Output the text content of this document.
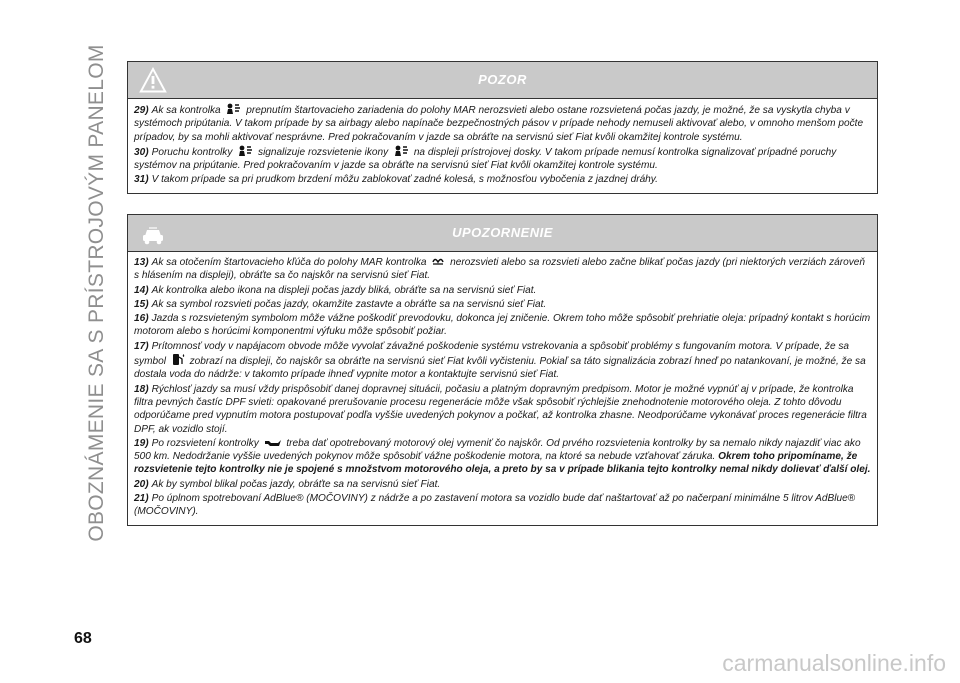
OBOZNÁMENIE SA S PRÍSTROJOVÝM PANELOM	POZOR

29) Ak sa kontrolka	prepnutím štartovacieho zariadenia do polohy MAR nerozsvieti alebo ostane rozsvietená počas jazdy, je možné, že sa vyskytla chyba v systémoch pripútania. V takom prípade by sa airbagy alebo napínače bezpečnostných pásov v prípade nehody nemuseli aktivovať alebo, v omnoho menšom počte prípadov, by sa mohli aktivovať nesprávne. Pred pokračovaním v jazde sa obráťte na servisnú sieť Fiat kvôli okamžitej kontrole systému.

30) Poruchu kontrolky	signalizuje rozsvietenie ikony	na displeji prístrojovej dosky. V takom prípade nemusí kontrolka signalizovať prípadné poruchy systémov na pripútanie. Pred pokračovaním v jazde sa obráťte na servisnú sieť Fiat kvôli okamžitej kontrole systému.

31) V takom prípade sa pri prudkom brzdení môžu zablokovať zadné kolesá, s možnosťou vybočenia z jazdnej dráhy.

UPOZORNENIE

13) Ak sa otočením štartovacieho kľúča do polohy MAR kontrolka nerozsvieti alebo sa rozsvieti alebo začne blikať počas jazdy (pri niektorých verziách zároveň s hlásením na displeji), obráťte sa čo najskôr na servisnú sieť Fiat.

14) Ak kontrolka alebo ikona na displeji počas jazdy bliká, obráťte sa na servisnú sieť Fiat.

15) Ak sa symbol rozsvieti počas jazdy, okamžite zastavte a obráťte sa na servisnú sieť Fiat.

16) Jazda s rozsvieteným symbolom môže vážne poškodiť prevodovku, dokonca jej zničenie. Okrem toho môže spôsobiť prehriatie oleja: prípadný kontakt s horúcim motorom alebo s horúcimi komponentmi výfuku môže spôsobiť požiar.

17) Prítomnosť vody v napájacom obvode môže vyvolať závažné poškodenie systému vstrekovania a spôsobiť problémy s fungovaním motora. V prípade, že sa symbol zobrazí na displeji, čo najskôr sa obráťte na servisnú sieť Fiat kvôli vyčisteniu. Pokiaľ sa táto signalizácia zobrazí hneď po natankovaní, je možné, že sa dostala voda do nádrže: v takomto prípade ihneď vypnite motor a kontaktujte servisnú sieť Fiat.

18) Rýchlosť jazdy sa musí vždy prispôsobiť danej dopravnej situácii, počasiu a platným dopravným predpisom. Motor je možné vypnúť aj v prípade, že kontrolka filtra pevných častíc DPF svieti: opakované prerušovanie procesu regenerácie môže však spôsobiť rýchlejšie znehodnotenie motorového oleja. Z tohto dôvodu odporúčame pred vypnutím motora postupovať podľa vyššie uvedených pokynov a počkať, až kontrolka zhasne. Neodporúčame vykonávať proces regenerácie filtra DPF, ak vozidlo stojí.

19) Po rozsvietení kontrolky	treba dať opotrebovaný motorový olej vymeniť čo najskôr. Od prvého rozsvietenia kontrolky by sa nemalo nikdy najazdiť viac ako 500 km. Nedodržanie vyššie uvedených pokynov môže spôsobiť vážne poškodenie motora, na ktoré sa nebude vzťahovať záruka. Okrem toho pripomíname, že rozsvietenie tejto kontrolky nie je spojené s množstvom motorového oleja, a preto by sa v prípade blikania tejto kontrolky nemal nikdy dolievať ďalší olej.

20) Ak by symbol blikal počas jazdy, obráťte sa na servisnú sieť Fiat.

21) Po úplnom spotrebovaní AdBlue® (MOČOVINY) z nádrže a po zastavení motora sa vozidlo bude dať naštartovať až po načerpaní minimálne 5 litrov AdBlue® (MOČOVINY).

68
carmanualsonline.info
